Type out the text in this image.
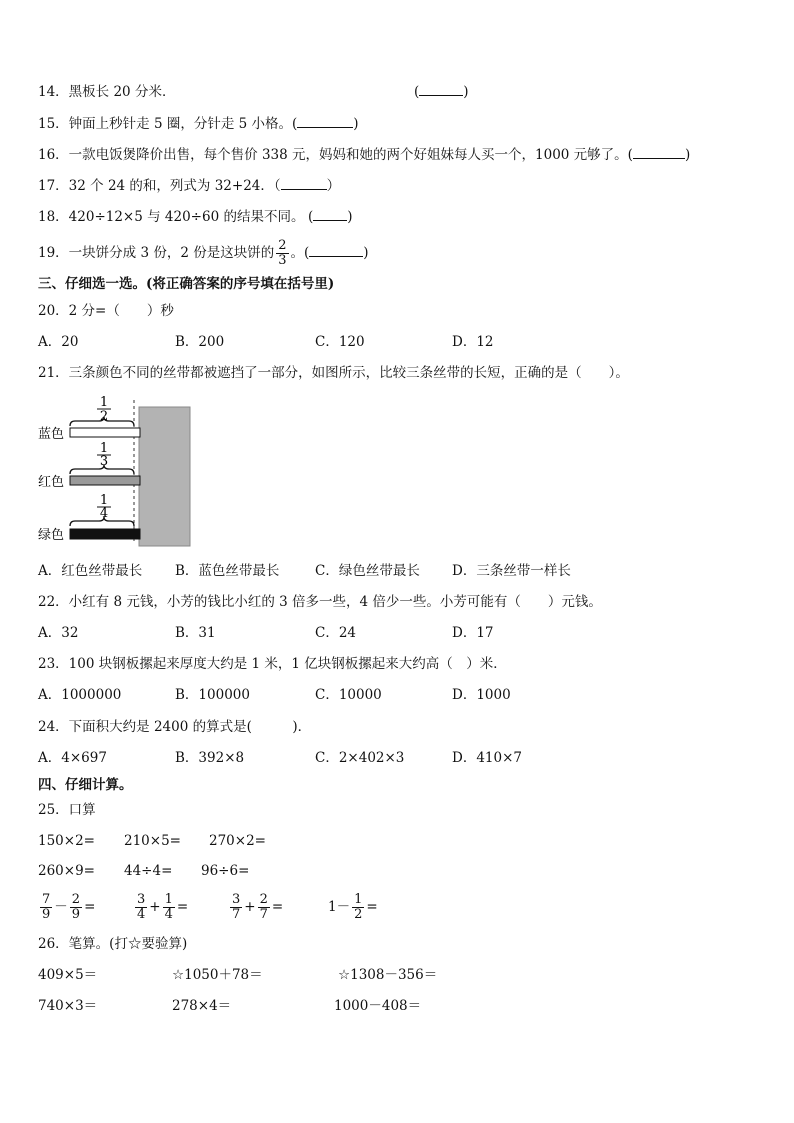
14．黑板长 20 分米．	(	)
15．钟面上秒针走 5 圈，分针走 5 小格。(	)
16．一款电饭煲降价出售，每个售价 338 元，妈妈和她的两个好姐妹每人买一个，1000 元够了。(	)
17．32 个 24 的和，列式为 32+24．（	）
18．420÷12×5 与 420÷60 的结果不同。 (	)
19．一块饼分成 3 份，2 份是这块饼的 $\frac{2}{3}$ 。(	)
三、仔细选一选。(将正确答案的序号填在括号里)
20．2 分=（　　）秒
A．20	B．200	C．120	D．12
21．三条颜色不同的丝带都被遮挡了一部分，如图所示，比较三条丝带的长短，正确的是（　　）。
1
2
蓝色
1
3
红色
1
4
绿色
A．红色丝带最长 B．蓝色丝带最长	C．绿色丝带最长 D．三条丝带一样长
22．小红有 8 元钱，小芳的钱比小红的 3 倍多一些，4 倍少一些。小芳可能有（　　）元钱。
A．32	B．31	C．24	D．17
23．100 块钢板摞起来厚度大约是 1 米，1 亿块钢板摞起来大约高（　）米．
A．1000000	B．100000	C．10000	D．1000
24．下面积大约是 2400 的算式是(　　　)．
A．4×697	B．392×8	C．2×402×3	D．410×7
四、仔细计算。
25．口算
150×2= 210×5= 270×2=
260×9= 44÷4= 96÷6=
$\frac{7}{9} - \frac{2}{9}$ =	$\frac{3}{4} + \frac{1}{4}$ =	$\frac{3}{7} + \frac{2}{7}$ =	$1- \frac{1}{2}$ =
26．笔算。(打☆要验算)
409×5＝	☆1050＋78＝	☆1308－356＝
740×3＝	278×4＝	1000－408＝
